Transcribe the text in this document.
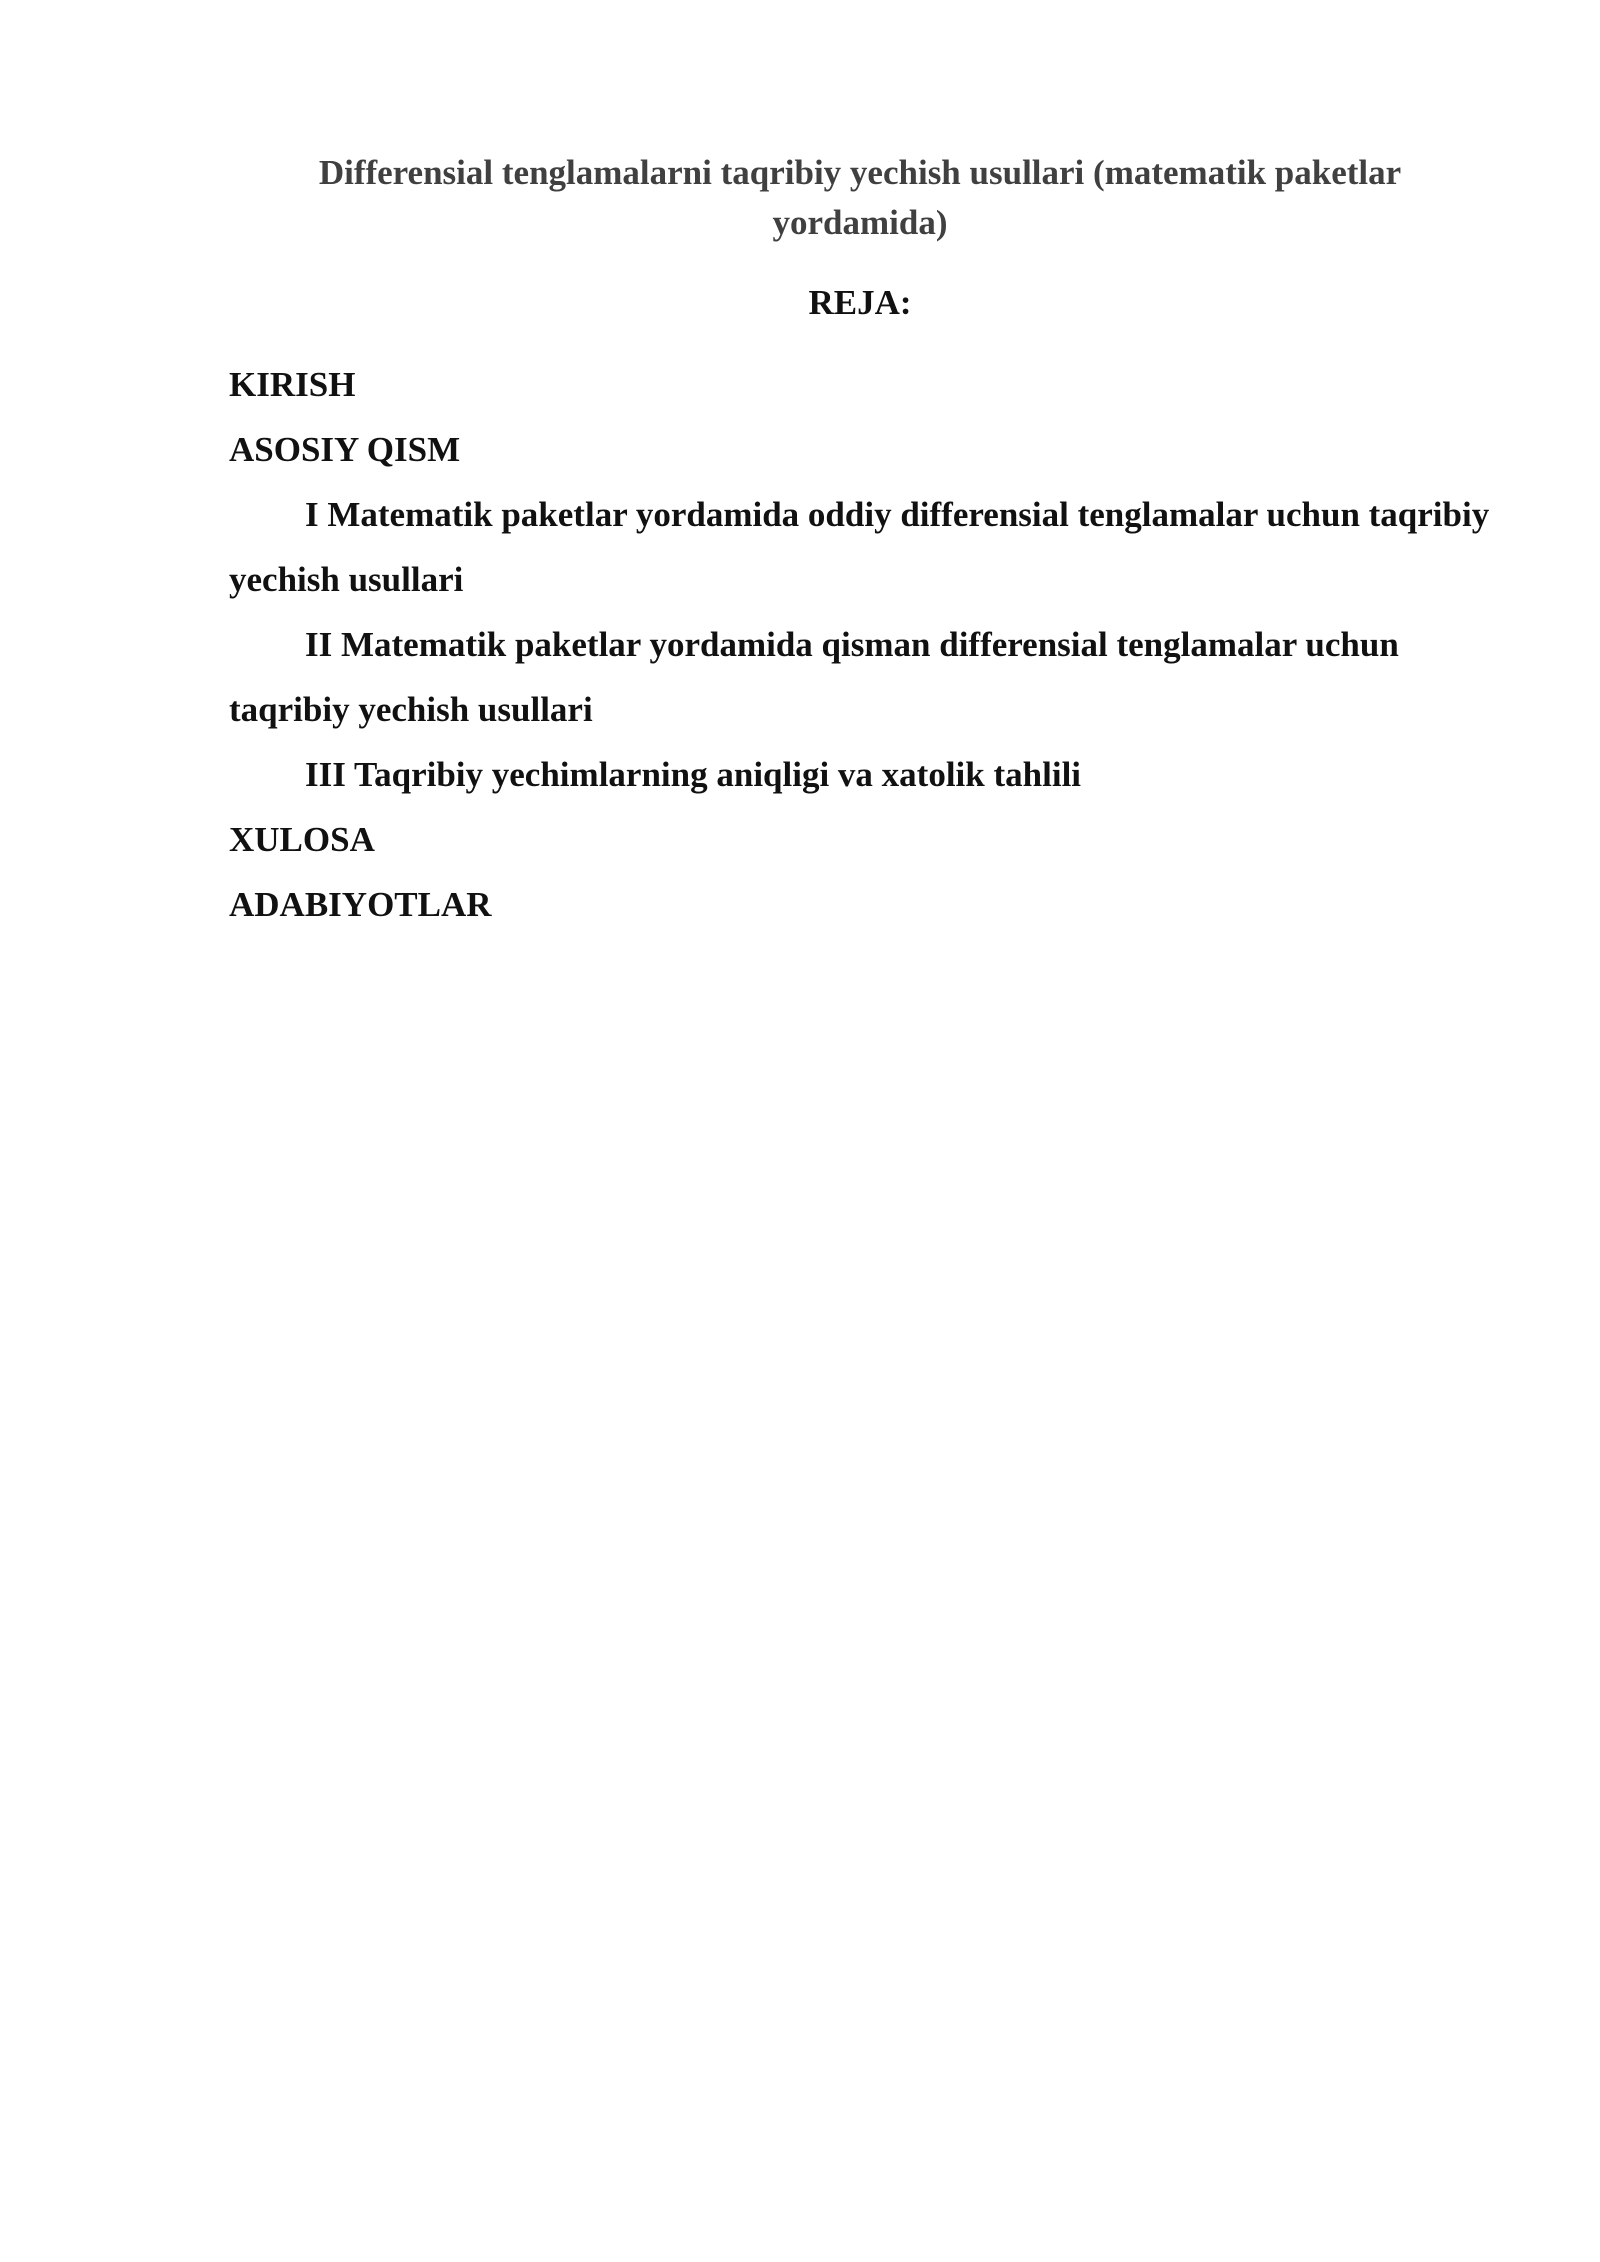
Differensial tenglamalarni taqribiy yechish usullari (matematik paketlar yordamida)
REJA:
KIRISH
ASOSIY QISM
I Matematik paketlar yordamida oddiy differensial tenglamalar uchun taqribiy yechish usullari
II Matematik paketlar yordamida qisman differensial tenglamalar uchun taqribiy yechish usullari
III Taqribiy yechimlarning aniqligi va xatolik tahlili
XULOSA
ADABIYOTLAR
